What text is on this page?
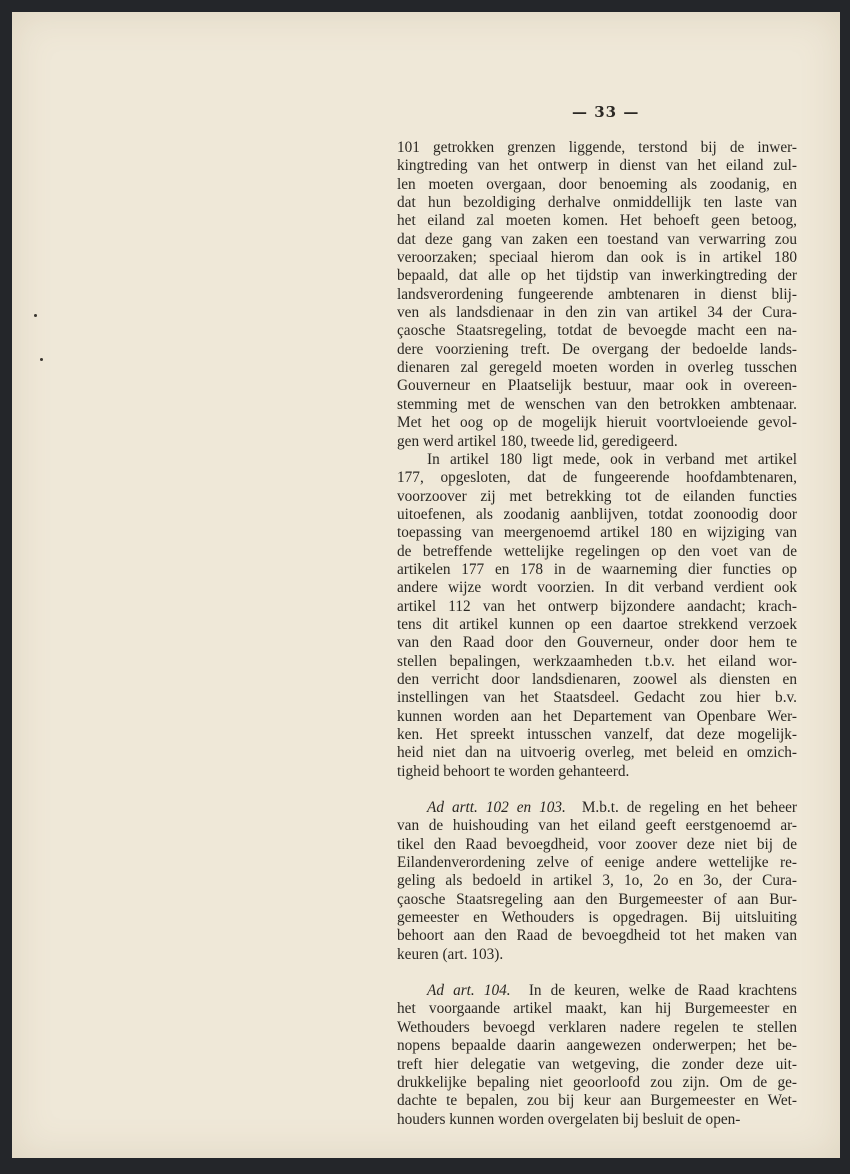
— 33 —

101 getrokken grenzen liggende, terstond bij de inwer-

kingtreding van het ontwerp in dienst van het eiland zul-

len moeten overgaan, door benoeming als zoodanig, en

dat hun bezoldiging derhalve onmiddellijk ten laste van

het eiland zal moeten komen. Het behoeft geen betoog,

dat deze gang van zaken een toestand van verwarring zou

veroorzaken; speciaal hierom dan ook is in artikel 180

bepaald, dat alle op het tijdstip van inwerkingtreding der

landsverordening fungeerende ambtenaren in dienst blij-

ven als landsdienaar in den zin van artikel 34 der Cura-

çaosche Staatsregeling, totdat de bevoegde macht een na-

dere voorziening treft. De overgang der bedoelde lands-

dienaren zal geregeld moeten worden in overleg tusschen

Gouverneur en Plaatselijk bestuur, maar ook in overeen-

stemming met de wenschen van den betrokken ambtenaar.

Met het oog op de mogelijk hieruit voortvloeiende gevol-

gen werd artikel 180, tweede lid, geredigeerd.

In artikel 180 ligt mede, ook in verband met artikel

177, opgesloten, dat de fungeerende hoofdambtenaren,

voorzoover zij met betrekking tot de eilanden functies

uitoefenen, als zoodanig aanblijven, totdat zoonoodig door

toepassing van meergenoemd artikel 180 en wijziging van

de betreffende wettelijke regelingen op den voet van de

artikelen 177 en 178 in de waarneming dier functies op

andere wijze wordt voorzien. In dit verband verdient ook

artikel 112 van het ontwerp bijzondere aandacht; krach-

tens dit artikel kunnen op een daartoe strekkend verzoek

van den Raad door den Gouverneur, onder door hem te

stellen bepalingen, werkzaamheden t.b.v. het eiland wor-

den verricht door landsdienaren, zoowel als diensten en

instellingen van het Staatsdeel. Gedacht zou hier b.v.

kunnen worden aan het Departement van Openbare Wer-

ken. Het spreekt intusschen vanzelf, dat deze mogelijk-

heid niet dan na uitvoerig overleg, met beleid en omzich-

tigheid behoort te worden gehanteerd.

Ad artt. 102 en 103. M.b.t. de regeling en het beheer

van de huishouding van het eiland geeft eerstgenoemd ar-

tikel den Raad bevoegdheid, voor zoover deze niet bij de

Eilandenverordening zelve of eenige andere wettelijke re-

geling als bedoeld in artikel 3, 1o, 2o en 3o, der Cura-

çaosche Staatsregeling aan den Burgemeester of aan Bur-

gemeester en Wethouders is opgedragen. Bij uitsluiting

behoort aan den Raad de bevoegdheid tot het maken van

keuren (art. 103).

Ad art. 104. In de keuren, welke de Raad krachtens

het voorgaande artikel maakt, kan hij Burgemeester en

Wethouders bevoegd verklaren nadere regelen te stellen

nopens bepaalde daarin aangewezen onderwerpen; het be-

treft hier delegatie van wetgeving, die zonder deze uit-

drukkelijke bepaling niet geoorloofd zou zijn. Om de ge-

dachte te bepalen, zou bij keur aan Burgemeester en Wet-

houders kunnen worden overgelaten bij besluit de open-
